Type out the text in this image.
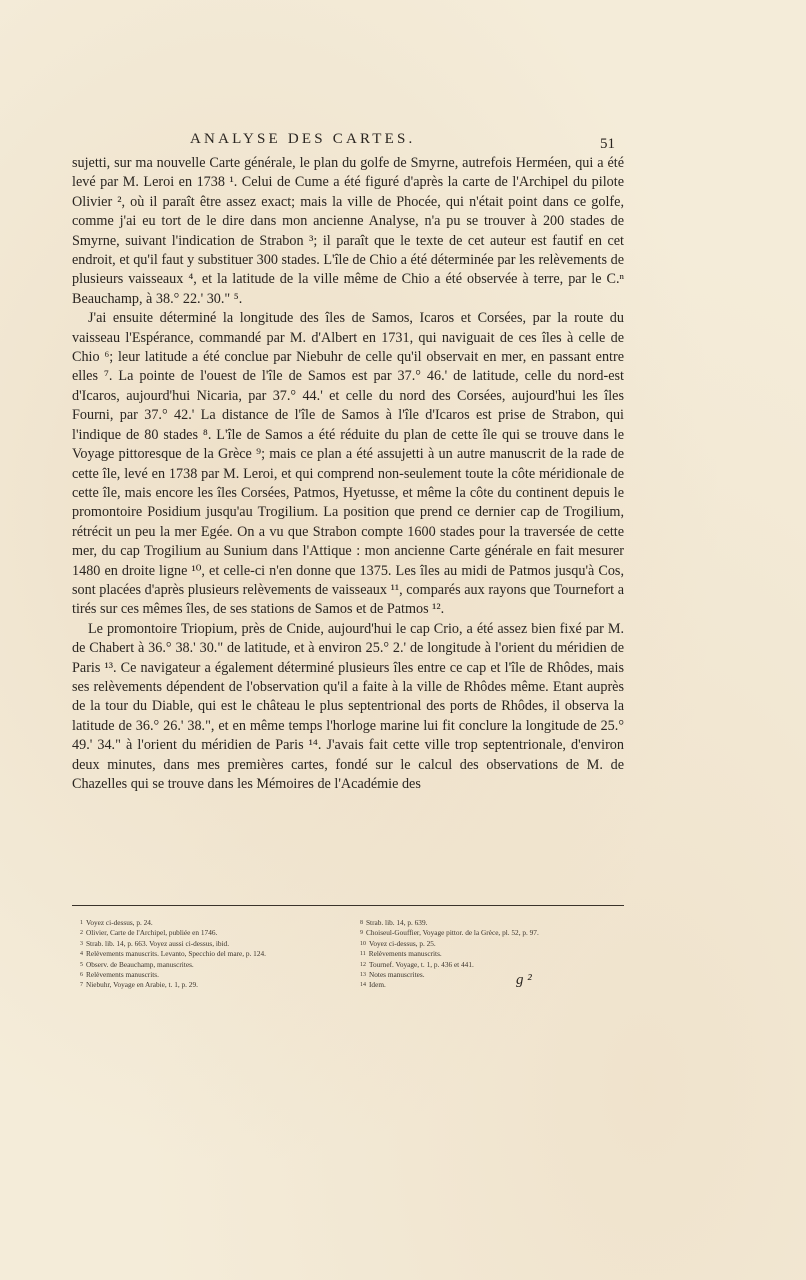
ANALYSE DES CARTES.	51

sujetti, sur ma nouvelle Carte générale, le plan du golfe de Smyrne, autrefois Herméen, qui a été levé par M. Leroi en 1738 ¹. Celui de Cume a été figuré d'après la carte de l'Archipel du pilote Olivier ², où il paraît être assez exact; mais la ville de Phocée, qui n'était point dans ce golfe, comme j'ai eu tort de le dire dans mon ancienne Analyse, n'a pu se trouver à 200 stades de Smyrne, suivant l'indication de Strabon ³; il paraît que le texte de cet auteur est fautif en cet endroit, et qu'il faut y substituer 300 stades. L'île de Chio a été déterminée par les relèvements de plusieurs vaisseaux ⁴, et la latitude de la ville même de Chio a été observée à terre, par le C.ⁿ Beauchamp, à 38.° 22.' 30." ⁵.

J'ai ensuite déterminé la longitude des îles de Samos, Icaros et Corsées, par la route du vaisseau l'Espérance, commandé par M. d'Albert en 1731, qui naviguait de ces îles à celle de Chio ⁶; leur latitude a été conclue par Niebuhr de celle qu'il observait en mer, en passant entre elles ⁷. La pointe de l'ouest de l'île de Samos est par 37.° 46.' de latitude, celle du nord-est d'Icaros, aujourd'hui Nicaria, par 37.° 44.' et celle du nord des Corsées, aujourd'hui les îles Fourni, par 37.° 42.' La distance de l'île de Samos à l'île d'Icaros est prise de Strabon, qui l'indique de 80 stades ⁸. L'île de Samos a été réduite du plan de cette île qui se trouve dans le Voyage pittoresque de la Grèce ⁹; mais ce plan a été assujetti à un autre manuscrit de la rade de cette île, levé en 1738 par M. Leroi, et qui comprend non-seulement toute la côte méridionale de cette île, mais encore les îles Corsées, Patmos, Hyetusse, et même la côte du continent depuis le promontoire Posidium jusqu'au Trogilium. La position que prend ce dernier cap de Trogilium, rétrécit un peu la mer Egée. On a vu que Strabon compte 1600 stades pour la traversée de cette mer, du cap Trogilium au Sunium dans l'Attique : mon ancienne Carte générale en fait mesurer 1480 en droite ligne ¹⁰, et celle-ci n'en donne que 1375. Les îles au midi de Patmos jusqu'à Cos, sont placées d'après plusieurs relèvements de vaisseaux ¹¹, comparés aux rayons que Tournefort a tirés sur ces mêmes îles, de ses stations de Samos et de Patmos ¹².

Le promontoire Triopium, près de Cnide, aujourd'hui le cap Crio, a été assez bien fixé par M. de Chabert à 36.° 38.' 30." de latitude, et à environ 25.° 2.' de longitude à l'orient du méridien de Paris ¹³. Ce navigateur a également déterminé plusieurs îles entre ce cap et l'île de Rhôdes, mais ses relèvements dépendent de l'observation qu'il a faite à la ville de Rhôdes même. Etant auprès de la tour du Diable, qui est le château le plus septentrional des ports de Rhôdes, il observa la latitude de 36.° 26.' 38.", et en même temps l'horloge marine lui fit conclure la longitude de 25.° 49.' 34." à l'orient du méridien de Paris ¹⁴. J'avais fait cette ville trop septentrionale, d'environ deux minutes, dans mes premières cartes, fondé sur le calcul des observations de M. de Chazelles qui se trouve dans les Mémoires de l'Académie des

1 Voyez ci-dessus, p. 24.
2 Olivier, Carte de l'Archipel, publiée en 1746.
3 Strab. lib. 14, p. 663. Voyez aussi ci-dessus, ibid.
4 Relèvements manuscrits. Levanto, Specchio del mare, p. 124.
5 Observ. de Beauchamp, manuscrites.
6 Relèvements manuscrits.
7 Niebuhr, Voyage en Arabie, t. 1, p. 29.
8 Strab. lib. 14, p. 639.
9 Choiseul-Gouffier, Voyage pittor. de la Grèce, pl. 52, p. 97.
10 Voyez ci-dessus, p. 25.
11 Relèvements manuscrits.
12 Tournef. Voyage, t. 1, p. 436 et 441.
13 Notes manuscrites.
14 Idem.	g ²
